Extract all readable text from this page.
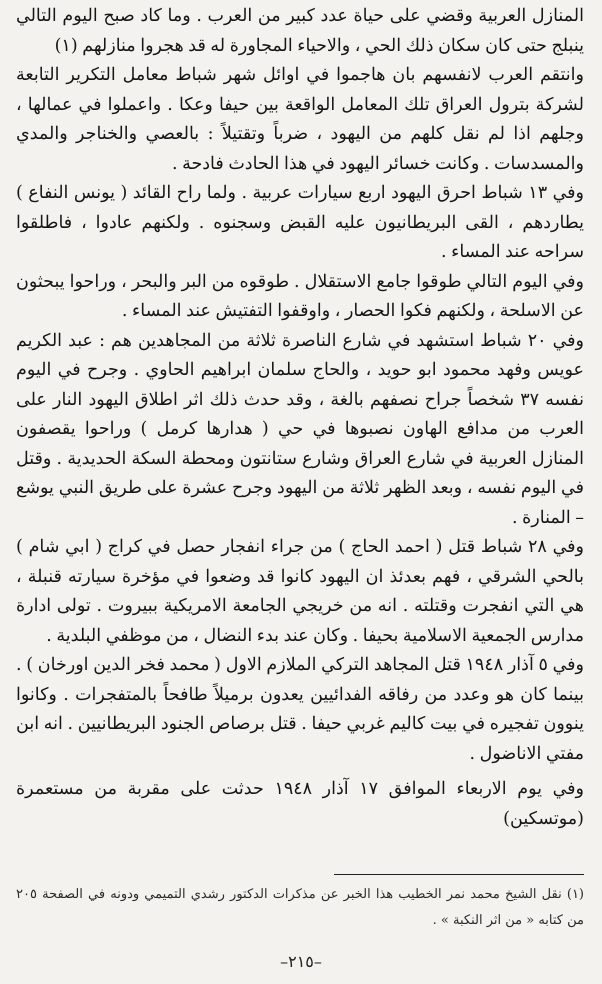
المنازل العربية وقضي على حياة عدد كبير من العرب . وما كاد صبح اليوم التالي ينبلج حتى كان سكان ذلك الحي ، والاحياء المجاورة له قد هجروا منازلهم (١)

وانتقم العرب لانفسهم بان هاجموا في اوائل شهر شباط معامل التكرير التابعة لشركة بترول العراق تلك المعامل الواقعة بين حيفا وعكا . واعملوا في عمالها ، وجلهم اذا لم نقل كلهم من اليهود ، ضرباً وتقتيلاً : بالعصي والخناجر والمدي والمسدسات . وكانت خسائر اليهود في هذا الحادث فادحة .

وفي ١٣ شباط احرق اليهود اربع سيارات عربية . ولما راح القائد ( يونس النفاع ) يطاردهم ، القى البريطانيون عليه القبض وسجنوه . ولكنهم عادوا ، فاطلقوا سراحه عند المساء .

وفي اليوم التالي طوقوا جامع الاستقلال . طوقوه من البر والبحر ، وراحوا يبحثون عن الاسلحة ، ولكنهم فكوا الحصار ، واوقفوا التفتيش عند المساء .

وفي ٢٠ شباط استشهد في شارع الناصرة ثلاثة من المجاهدين هم : عبد الكريم عويس وفهد محمود ابو حويد ، والحاج سلمان ابراهيم الحاوي . وجرح في اليوم نفسه ٣٧ شخصاً جراح نصفهم بالغة ، وقد حدث ذلك اثر اطلاق اليهود النار على العرب من مدافع الهاون نصبوها في حي ( هدارها كرمل ) وراحوا يقصفون المنازل العربية في شارع العراق وشارع ستانتون ومحطة السكة الحديدية . وقتل في اليوم نفسه ، وبعد الظهر ثلاثة من اليهود وجرح عشرة على طريق النبي يوشع – المنارة .

وفي ٢٨ شباط قتل ( احمد الحاج ) من جراء انفجار حصل في كراج ( ابي شام ) بالحي الشرقي ، فهم بعدئذ ان اليهود كانوا قد وضعوا في مؤخرة سيارته قنبلة ، هي التي انفجرت وقتلته . انه من خريجي الجامعة الامريكية ببيروت . تولى ادارة مدارس الجمعية الاسلامية بحيفا . وكان عند بدء النضال ، من موظفي البلدية .

وفي ٥ آذار ١٩٤٨ قتل المجاهد التركي الملازم الاول ( محمد فخر الدين اورخان ) . بينما كان هو وعدد من رفاقه الفدائيين يعدون برميلاً طافحاً بالمتفجرات . وكانوا ينوون تفجيره في بيت كاليم غربي حيفا . قتل برصاص الجنود البريطانيين . انه ابن مفتي الاناضول .

وفي يوم الاربعاء الموافق ١٧ آذار ١٩٤٨ حدثت على مقربة من مستعمرة (موتسكين)

(١) نقل الشيخ محمد نمر الخطيب هذا الخبر عن مذكرات الدكتور رشدي التميمي ودونه في الصفحة ٢٠٥ من كتابه « من اثر النكبة » .

–٢١٥–
